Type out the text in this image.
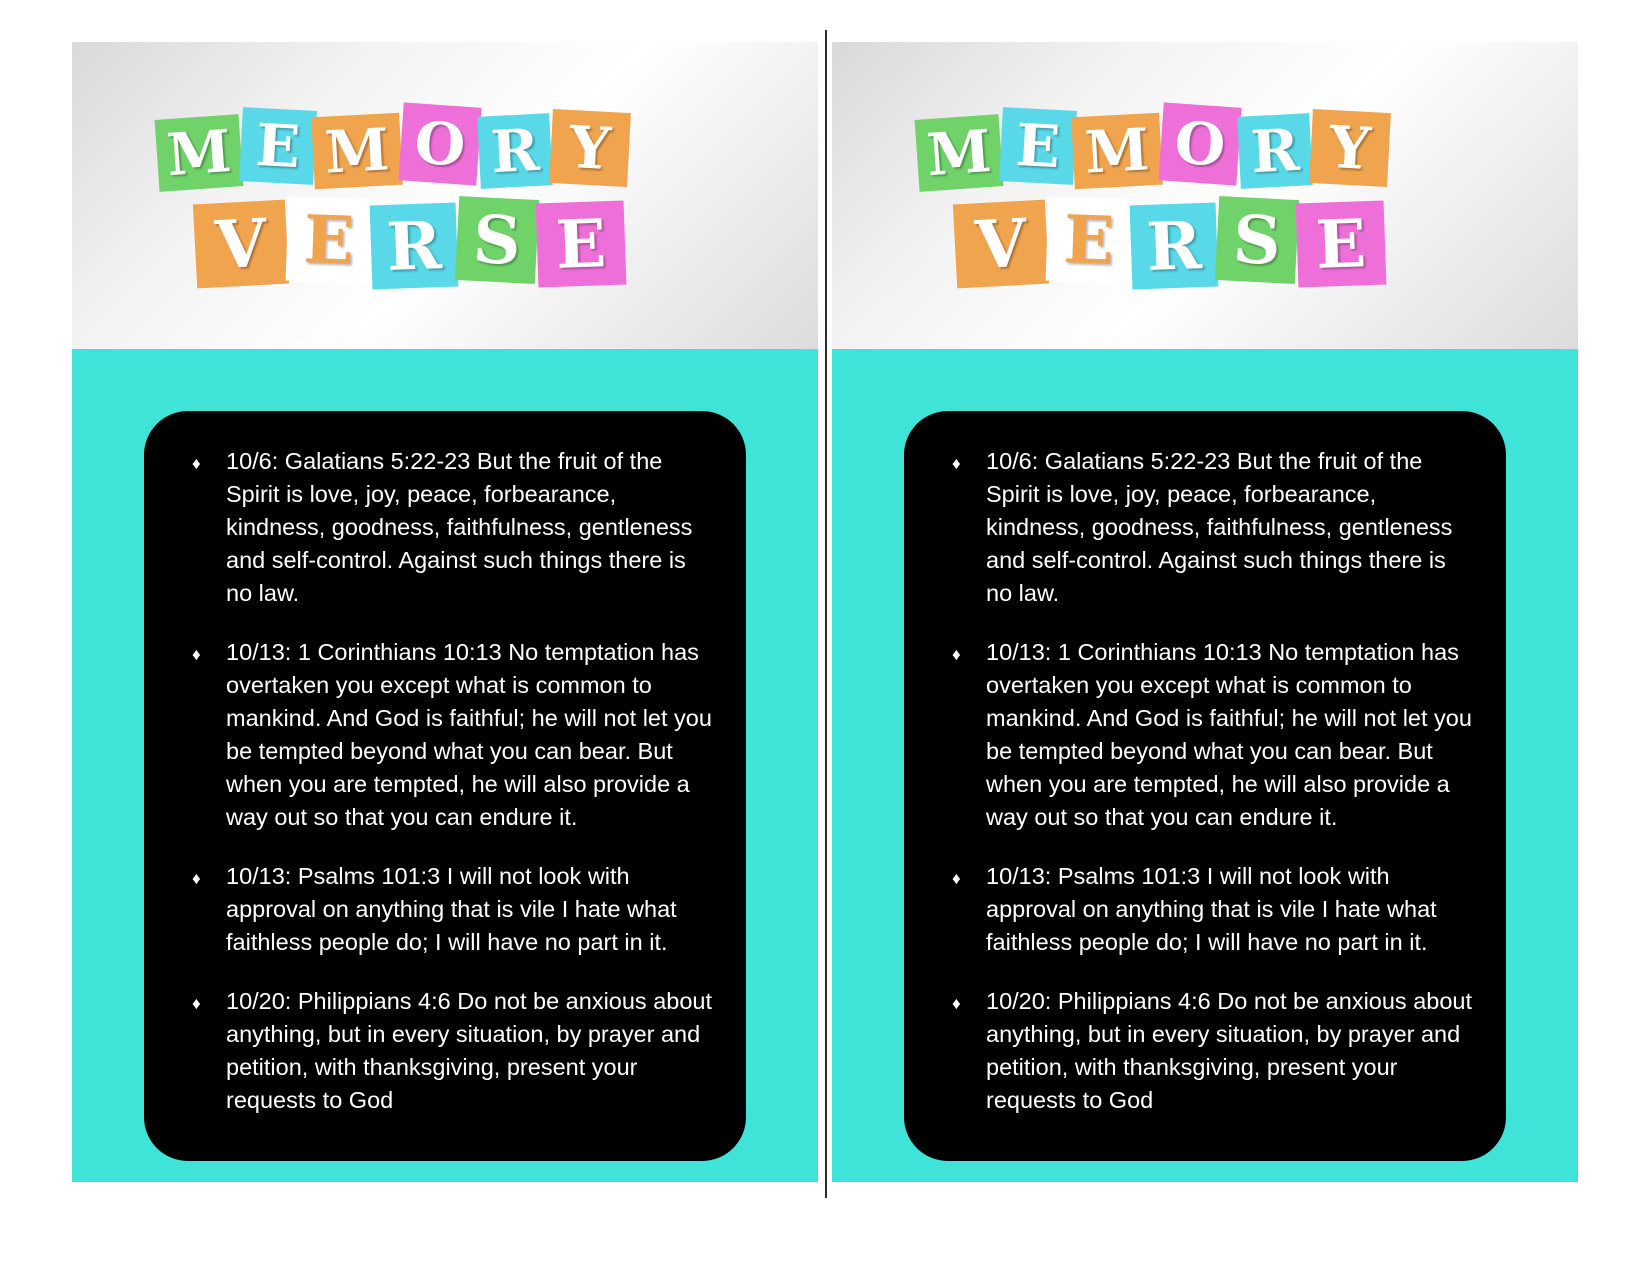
M E M O R Y
V E R S E
♦ 10/6: Galatians 5:22-23 But the fruit of the Spirit is love, joy, peace, forbearance, kindness, goodness, faithfulness, gentleness and self-control. Against such things there is no law.
♦ 10/13: 1 Corinthians 10:13 No temptation has overtaken you except what is common to mankind. And God is faithful; he will not let you be tempted beyond what you can bear. But when you are tempted, he will also provide a way out so that you can endure it.
♦ 10/13: Psalms 101:3 I will not look with approval on anything that is vile I hate what faithless people do; I will have no part in it.
♦ 10/20: Philippians 4:6 Do not be anxious about anything, but in every situation, by prayer and petition, with thanksgiving, present your requests to God
M E M O R Y
V E R S E
♦ 10/6: Galatians 5:22-23 But the fruit of the Spirit is love, joy, peace, forbearance, kindness, goodness, faithfulness, gentleness and self-control. Against such things there is no law.
♦ 10/13: 1 Corinthians 10:13 No temptation has overtaken you except what is common to mankind. And God is faithful; he will not let you be tempted beyond what you can bear. But when you are tempted, he will also provide a way out so that you can endure it.
♦ 10/13: Psalms 101:3 I will not look with approval on anything that is vile I hate what faithless people do; I will have no part in it.
♦ 10/20: Philippians 4:6 Do not be anxious about anything, but in every situation, by prayer and petition, with thanksgiving, present your requests to God
